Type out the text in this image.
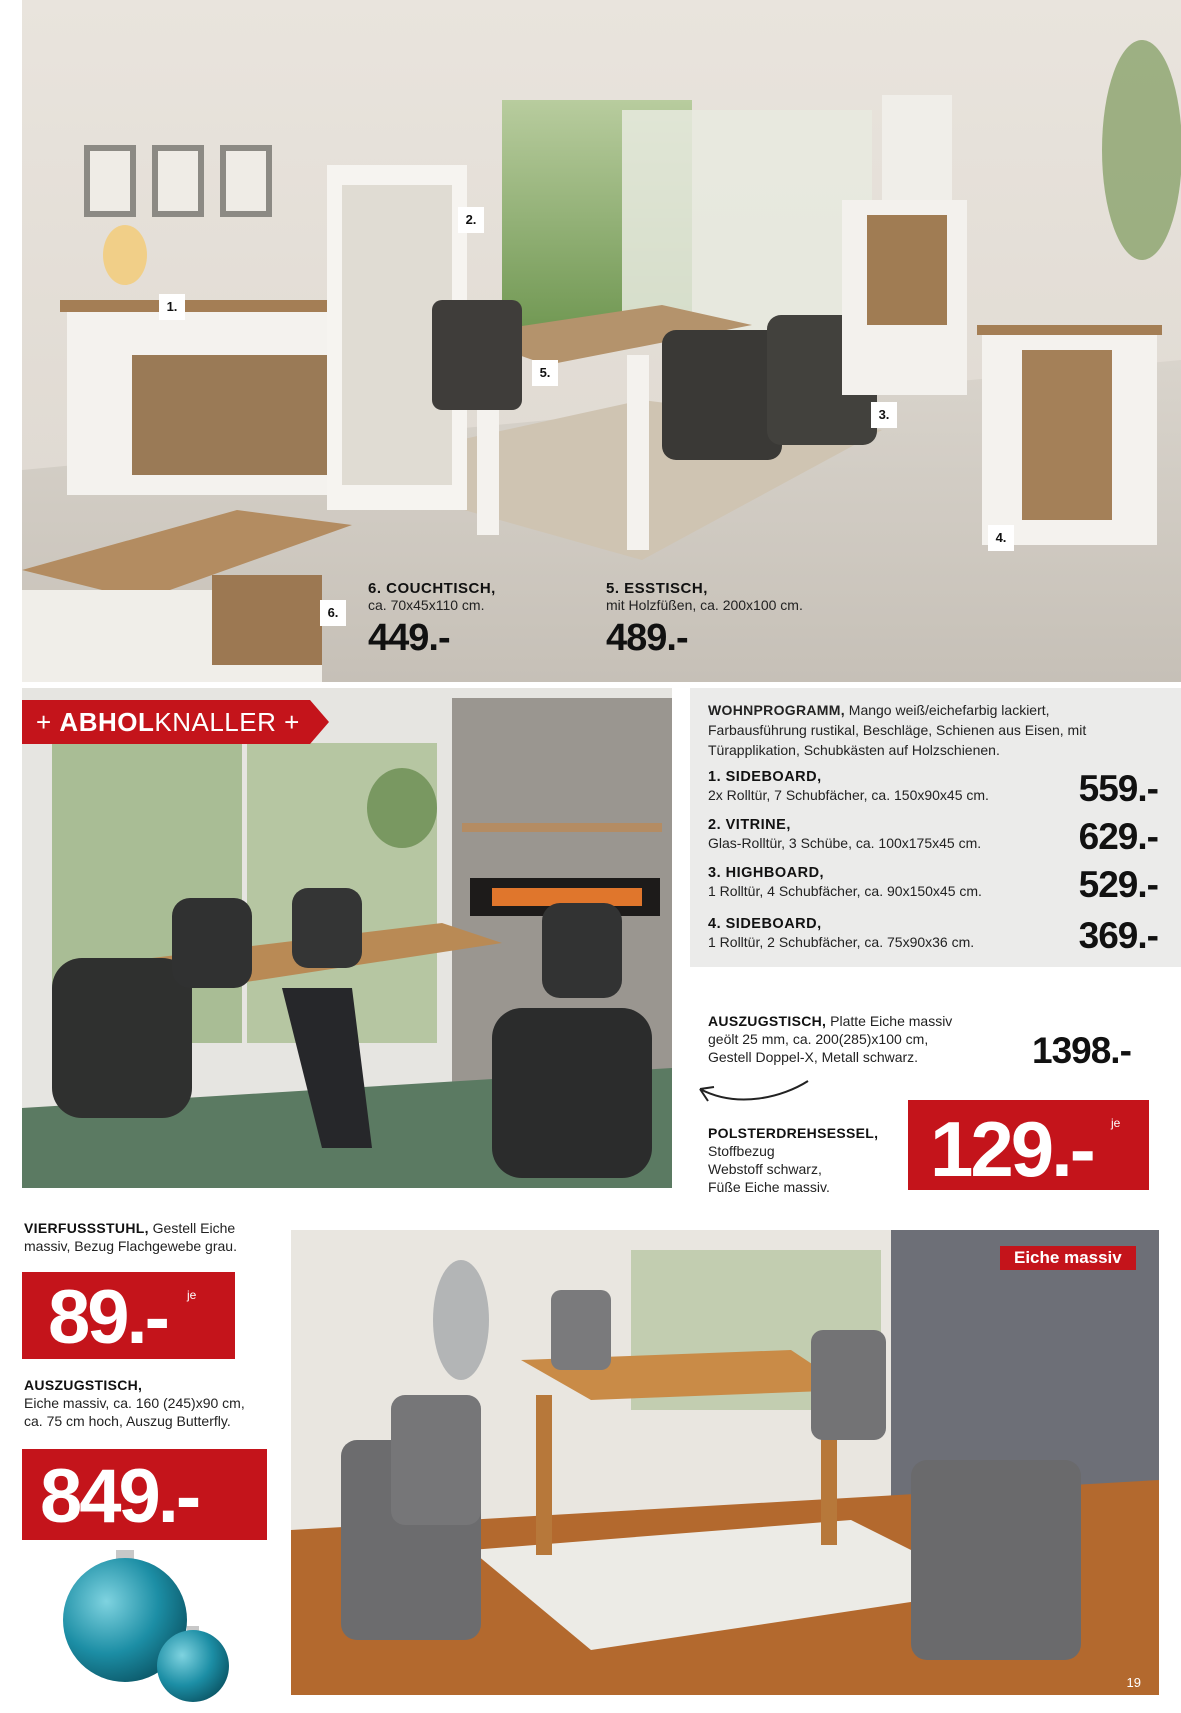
1.
2.
3.
4.
5.
6.
6. COUCHTISCH,
ca. 70x45x110 cm.
449.-
5. ESSTISCH,
mit Holzfüßen, ca. 200x100 cm.
489.-
+ ABHOLKNALLER +	WOHNPROGRAMM, Mango weiß/eichefarbig lackiert, Farbausführung rustikal, Beschläge, Schienen aus Eisen, mit Türapplikation, Schubkästen auf Holzschienen.
1. SIDEBOARD,
2x Rolltür, 7 Schubfächer, ca. 150x90x45 cm.	559.-
2. VITRINE,
Glas-Rolltür, 3 Schübe, ca. 100x175x45 cm.	629.-
3. HIGHBOARD,
1 Rolltür, 4 Schubfächer, ca. 90x150x45 cm.	529.-
4. SIDEBOARD,
1 Rolltür, 2 Schubfächer, ca. 75x90x36 cm.	369.-
AUSZUGSTISCH, Platte Eiche massiv
geölt 25 mm, ca. 200(285)x100 cm,
Gestell Doppel-X, Metall schwarz.	1398.-
POLSTERDREHSESSEL,
Stoffbezug
Webstoff schwarz,
Füße Eiche massiv.	129.- je
VIERFUSSSTUHL, Gestell Eiche
massiv, Bezug Flachgewebe grau.
89.- je
AUSZUGSTISCH,
Eiche massiv, ca. 160 (245)x90 cm,
ca. 75 cm hoch, Auszug Butterfly.
849.-
Eiche massiv
19
